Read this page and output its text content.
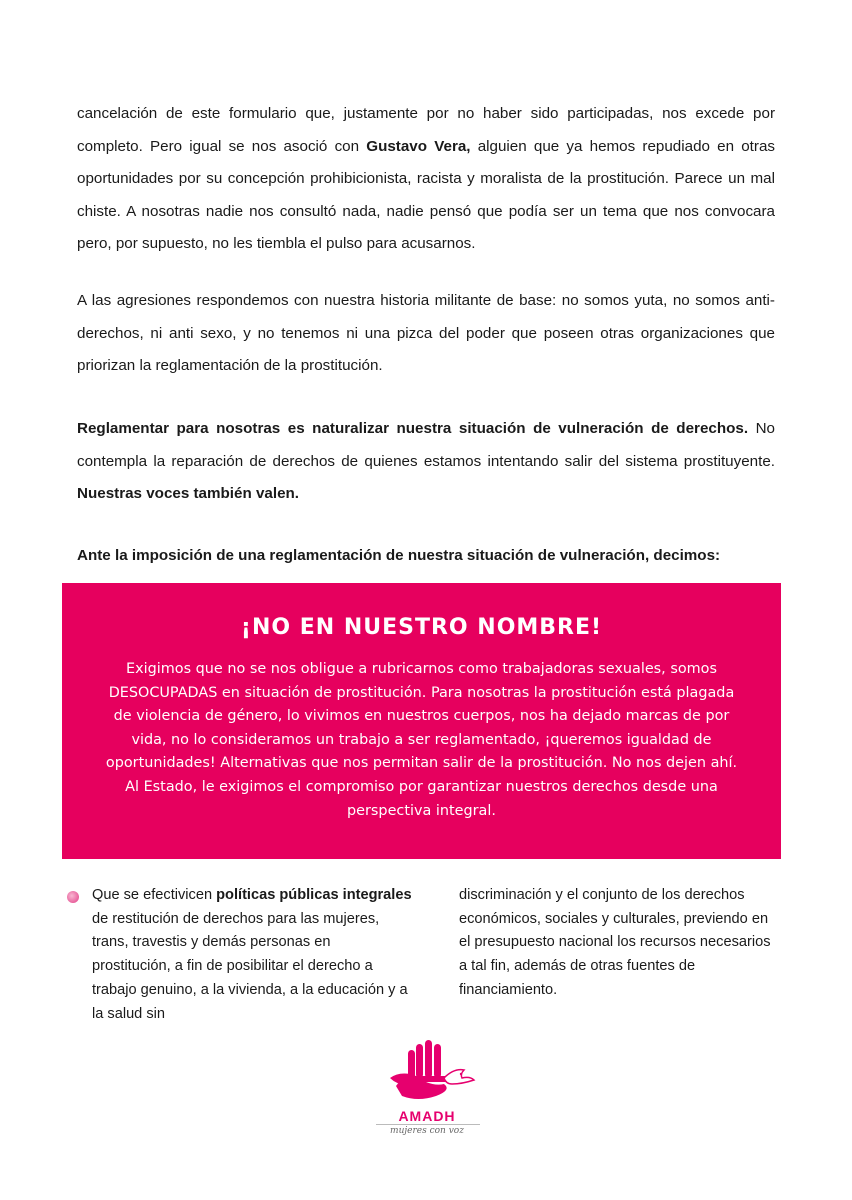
cancelación de este formulario que, justamente por no haber sido participadas, nos excede por completo. Pero igual se nos asoció con Gustavo Vera, alguien que ya hemos repudiado en otras oportunidades por su concepción prohibicionista, racista y moralista de la prostitución. Parece un mal chiste. A nosotras nadie nos consultó nada, nadie pensó que podía ser un tema que nos convocara pero, por supuesto, no les tiembla el pulso para acusarnos.

A las agresiones respondemos con nuestra historia militante de base: no somos yuta, no somos anti-derechos, ni anti sexo, y no tenemos ni una pizca del poder que poseen otras organizaciones que priorizan la reglamentación de la prostitución.

Reglamentar para nosotras es naturalizar nuestra situación de vulneración de derechos. No contempla la reparación de derechos de quienes estamos intentando salir del sistema prostituyente. Nuestras voces también valen.

Ante la imposición de una reglamentación de nuestra situación de vulneración, decimos:

¡NO EN NUESTRO NOMBRE!
Exigimos que no se nos obligue a rubricarnos como trabajadoras sexuales, somos DESOCUPADAS en situación de prostitución. Para nosotras la prostitución está plagada de violencia de género, lo vivimos en nuestros cuerpos, nos ha dejado marcas de por vida, no lo consideramos un trabajo a ser reglamentado, ¡queremos igualdad de oportunidades! Alternativas que nos permitan salir de la prostitución. No nos dejen ahí. Al Estado, le exigimos el compromiso por garantizar nuestros derechos desde una perspectiva integral.

Que se efectivicen políticas públicas integrales de restitución de derechos para las mujeres, trans, travestis y demás personas en prostitución, a fin de posibilitar el derecho a trabajo genuino, a la vivienda, a la educación y a la salud sin

discriminación y el conjunto de los derechos económicos, sociales y culturales, previendo en el presupuesto nacional los recursos necesarios a tal fin, además de otras fuentes de financiamiento.

AMADH
mujeres con voz
